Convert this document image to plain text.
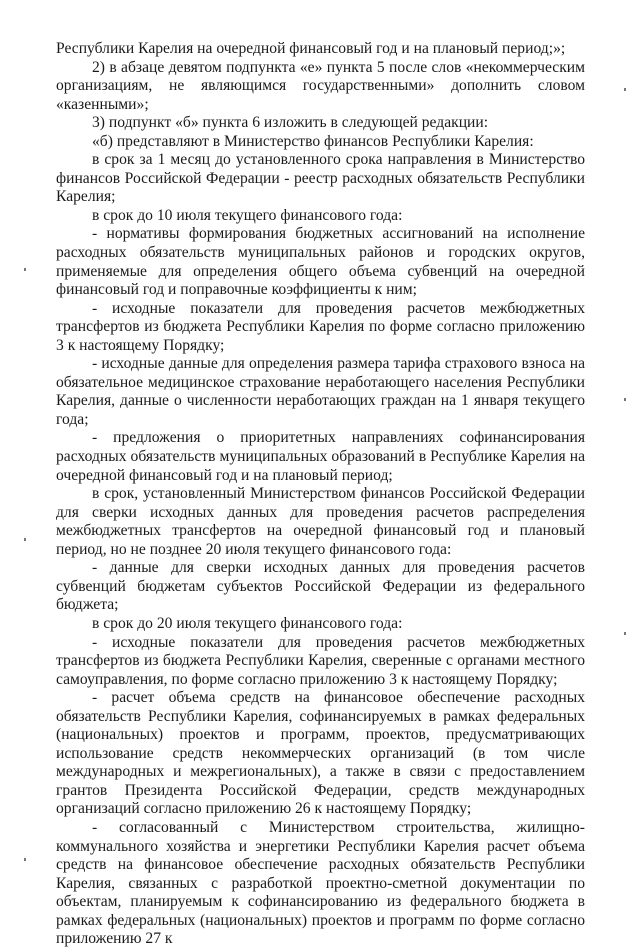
Республики Карелия на очередной финансовый год и на плановый период;»;

2) в абзаце девятом подпункта «е» пункта 5 после слов «некоммерческим организациям, не являющимся государственными» дополнить словом «казенными»;

3) подпункт «б» пункта 6 изложить в следующей редакции:

«б) представляют в Министерство финансов Республики Карелия:

в срок за 1 месяц до установленного срока направления в Министерство финансов Российской Федерации - реестр расходных обязательств Республики Карелия;

в срок до 10 июля текущего финансового года:

- нормативы формирования бюджетных ассигнований на исполнение расходных обязательств муниципальных районов и городских округов, применяемые для определения общего объема субвенций на очередной финансовый год и поправочные коэффициенты к ним;

- исходные показатели для проведения расчетов межбюджетных трансфертов из бюджета Республики Карелия по форме согласно приложению 3 к настоящему Порядку;

- исходные данные для определения размера тарифа страхового взноса на обязательное медицинское страхование неработающего населения Республики Карелия, данные о численности неработающих граждан на 1 января текущего года;

- предложения о приоритетных направлениях софинансирования расходных обязательств муниципальных образований в Республике Карелия на очередной финансовый год и на плановый период;

в срок, установленный Министерством финансов Российской Федерации для сверки исходных данных для проведения расчетов распределения межбюджетных трансфертов на очередной финансовый год и плановый период, но не позднее 20 июля текущего финансового года:

- данные для сверки исходных данных для проведения расчетов субвенций бюджетам субъектов Российской Федерации из федерального бюджета;

в срок до 20 июля текущего финансового года:

- исходные показатели для проведения расчетов межбюджетных трансфертов из бюджета Республики Карелия, сверенные с органами местного самоуправления, по форме согласно приложению 3 к настоящему Порядку;

- расчет объема средств на финансовое обеспечение расходных обязательств Республики Карелия, софинансируемых в рамках федеральных (национальных) проектов и программ, проектов, предусматривающих использование средств некоммерческих организаций (в том числе международных и межрегиональных), а также в связи с предоставлением грантов Президента Российской Федерации, средств международных организаций согласно приложению 26 к настоящему Порядку;

- согласованный с Министерством строительства, жилищно-коммунального хозяйства и энергетики Республики Карелия расчет объема средств на финансовое обеспечение расходных обязательств Республики Карелия, связанных с разработкой проектно-сметной документации по объектам, планируемым к софинансированию из федерального бюджета в рамках федеральных (национальных) проектов и программ по форме согласно приложению 27 к
